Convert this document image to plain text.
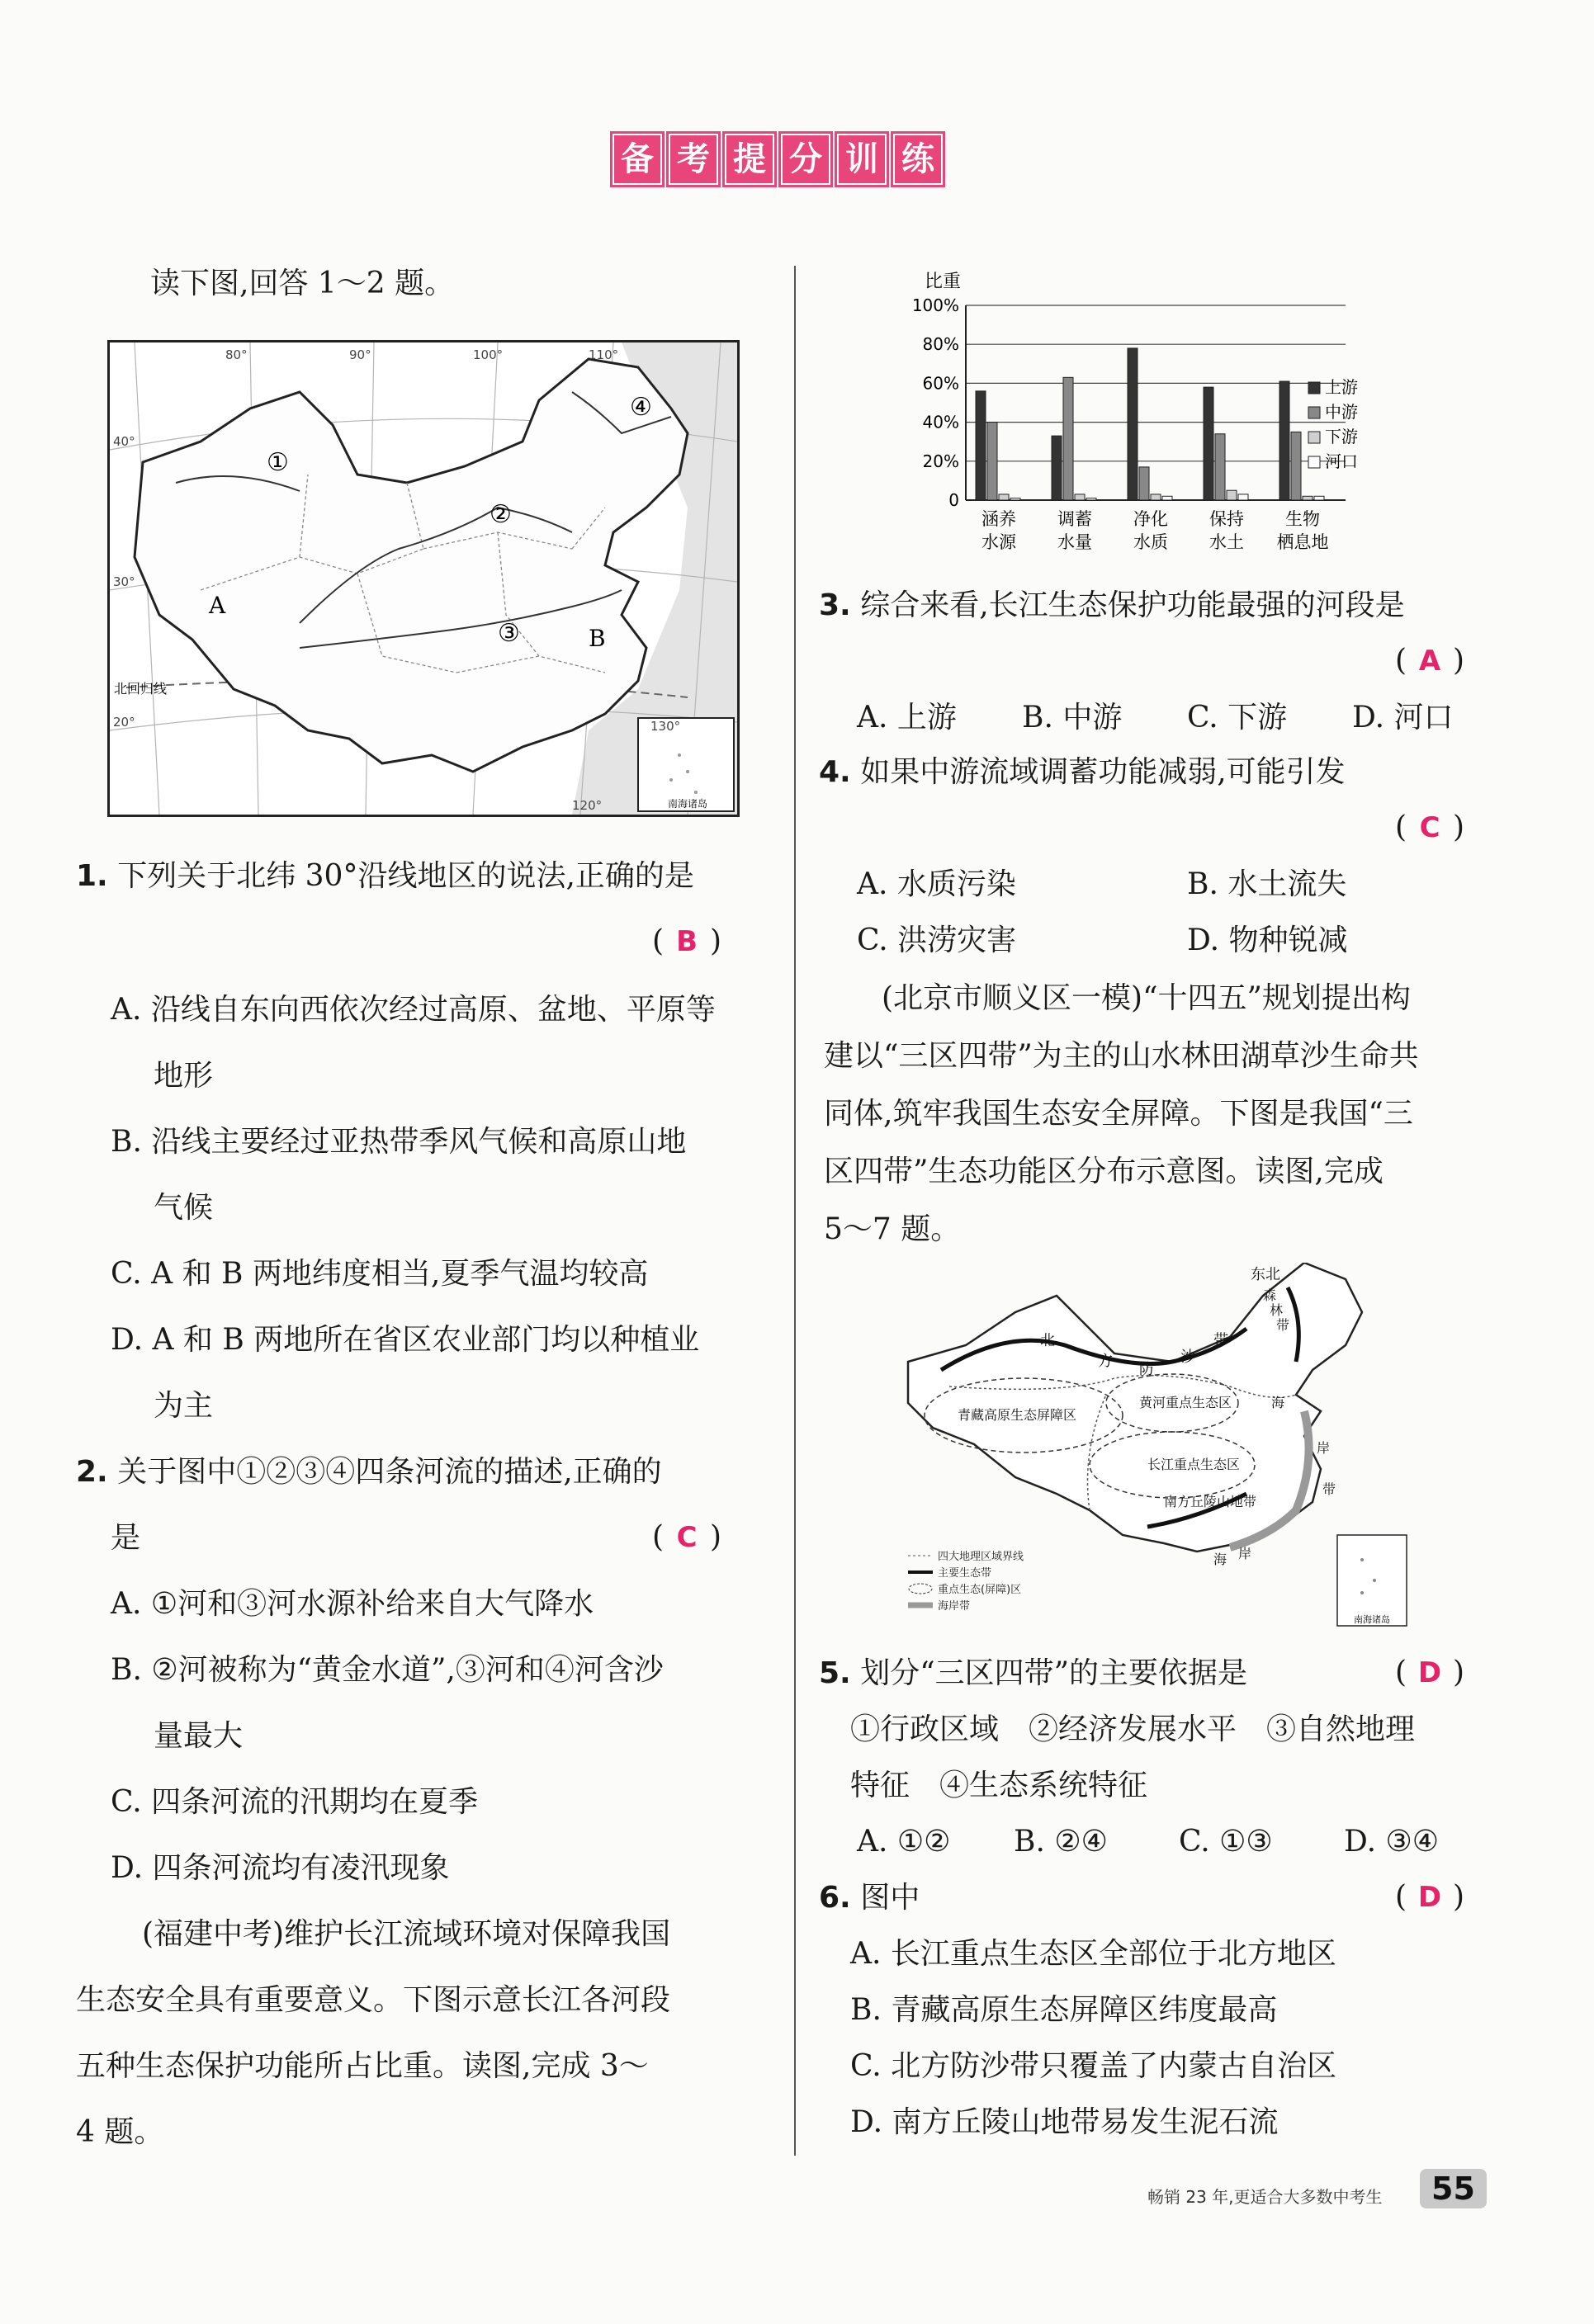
备 考 提 分 训 练
读下图,回答 1～2 题。
南海诸岛
①
②
③
④
A
B
北回归线
80°	90°	100°	110°
120°
130°
40°
30°
20°
1. 下列关于北纬 30°沿线地区的说法,正确的是
( B )
A. 沿线自东向西依次经过高原、盆地、平原等
地形
B. 沿线主要经过亚热带季风气候和高原山地
气候
C. A 和 B 两地纬度相当,夏季气温均较高
D. A 和 B 两地所在省区农业部门均以种植业
为主
2. 关于图中①②③④四条河流的描述,正确的
是	( C )
A. ①河和③河水源补给来自大气降水
B. ②河被称为“黄金水道”,③河和④河含沙
量最大
C. 四条河流的汛期均在夏季
D. 四条河流均有凌汛现象
(福建中考)维护长江流域环境对保障我国
生态安全具有重要意义。下图示意长江各河段
五种生态保护功能所占比重。读图,完成 3～
4 题。
比重
0
20%
40%
60%
80%
100%
涵养
水源
调蓄
水量
净化
水质
保持
水土
生物
栖息地
上游
中游
下游
河口
3. 综合来看,长江生态保护功能最强的河段是
( A )
A. 上游 B. 中游 C. 下游 D. 河口
4. 如果中游流域调蓄功能减弱,可能引发
( C )
A. 水质污染	B. 水土流失
C. 洪涝灾害	D. 物种锐减
(北京市顺义区一模)“十四五”规划提出构
建以“三区四带”为主的山水林田湖草沙生命共
同体,筑牢我国生态安全屏障。下图是我国“三
区四带”生态功能区分布示意图。读图,完成
5～7 题。
东北
森
林
带
北
方 防
沙
带
青藏高原生态屏障区
黄河重点生态区
长江重点生态区
南方丘陵山地带
海
岸
带
海 岸
四大地理区域界线
主要生态带
重点生态(屏障)区
海岸带
南海诸岛
5. 划分“三区四带”的主要依据是	( D )
①行政区域　②经济发展水平　③自然地理
特征　④生态系统特征
A. ①② B. ②④ C. ①③ D. ③④
6. 图中	( D )
A. 长江重点生态区全部位于北方地区
B. 青藏高原生态屏障区纬度最高
C. 北方防沙带只覆盖了内蒙古自治区
D. 南方丘陵山地带易发生泥石流
畅销 23 年,更适合大多数中考生	55
